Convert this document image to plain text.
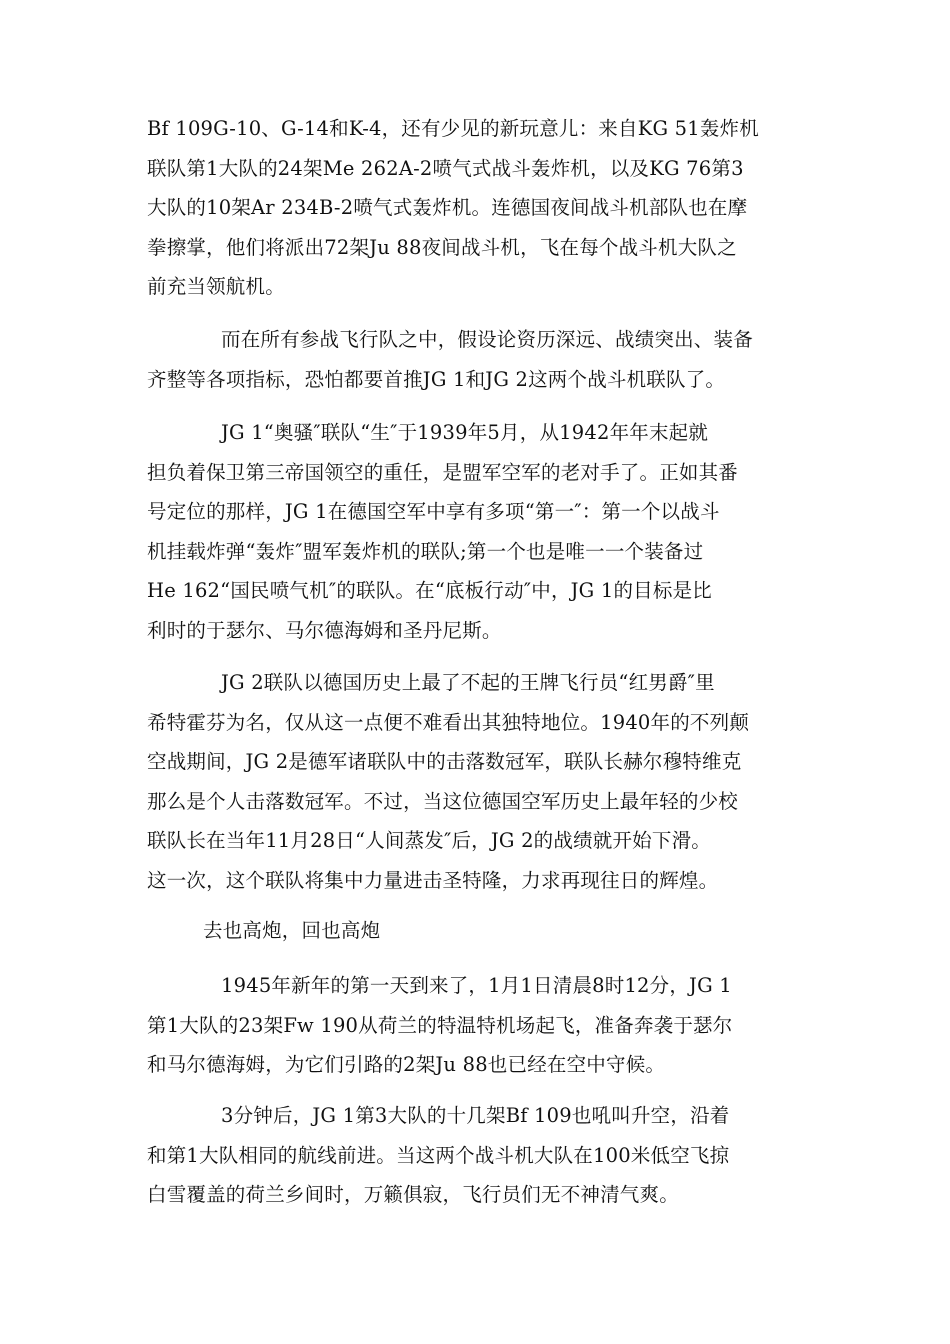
Bf 109G-10、G-14和K-4，还有少见的新玩意儿：来自KG 51轰炸机
联队第1大队的24架Me 262A-2喷气式战斗轰炸机，以及KG 76第3
大队的10架Ar 234B-2喷气式轰炸机。连德国夜间战斗机部队也在摩
拳擦掌，他们将派出72架Ju 88夜间战斗机，飞在每个战斗机大队之
前充当领航机。
而在所有参战飞行队之中，假设论资历深远、战绩突出、装备
齐整等各项指标，恐怕都要首推JG 1和JG 2这两个战斗机联队了。
JG 1“奥骚″联队“生″于1939年5月，从1942年年末起就
担负着保卫第三帝国领空的重任，是盟军空军的老对手了。正如其番
号定位的那样，JG 1在德国空军中享有多项“第一″：第一个以战斗
机挂载炸弹“轰炸″盟军轰炸机的联队;第一个也是唯一一个装备过
He 162“国民喷气机″的联队。在“底板行动″中，JG 1的目标是比
利时的于瑟尔、马尔德海姆和圣丹尼斯。
JG 2联队以德国历史上最了不起的王牌飞行员“红男爵″里
希特霍芬为名，仅从这一点便不难看出其独特地位。1940年的不列颠
空战期间，JG 2是德军诸联队中的击落数冠军，联队长赫尔穆特维克
那么是个人击落数冠军。不过，当这位德国空军历史上最年轻的少校
联队长在当年11月28日“人间蒸发″后，JG 2的战绩就开始下滑。
这一次，这个联队将集中力量进击圣特隆，力求再现往日的辉煌。
去也高炮，回也高炮
1945年新年的第一天到来了，1月1日清晨8时12分，JG 1
第1大队的23架Fw 190从荷兰的特温特机场起飞，准备奔袭于瑟尔
和马尔德海姆，为它们引路的2架Ju 88也已经在空中守候。
3分钟后，JG 1第3大队的十几架Bf 109也吼叫升空，沿着
和第1大队相同的航线前进。当这两个战斗机大队在100米低空飞掠
白雪覆盖的荷兰乡间时，万籁俱寂，飞行员们无不神清气爽。
